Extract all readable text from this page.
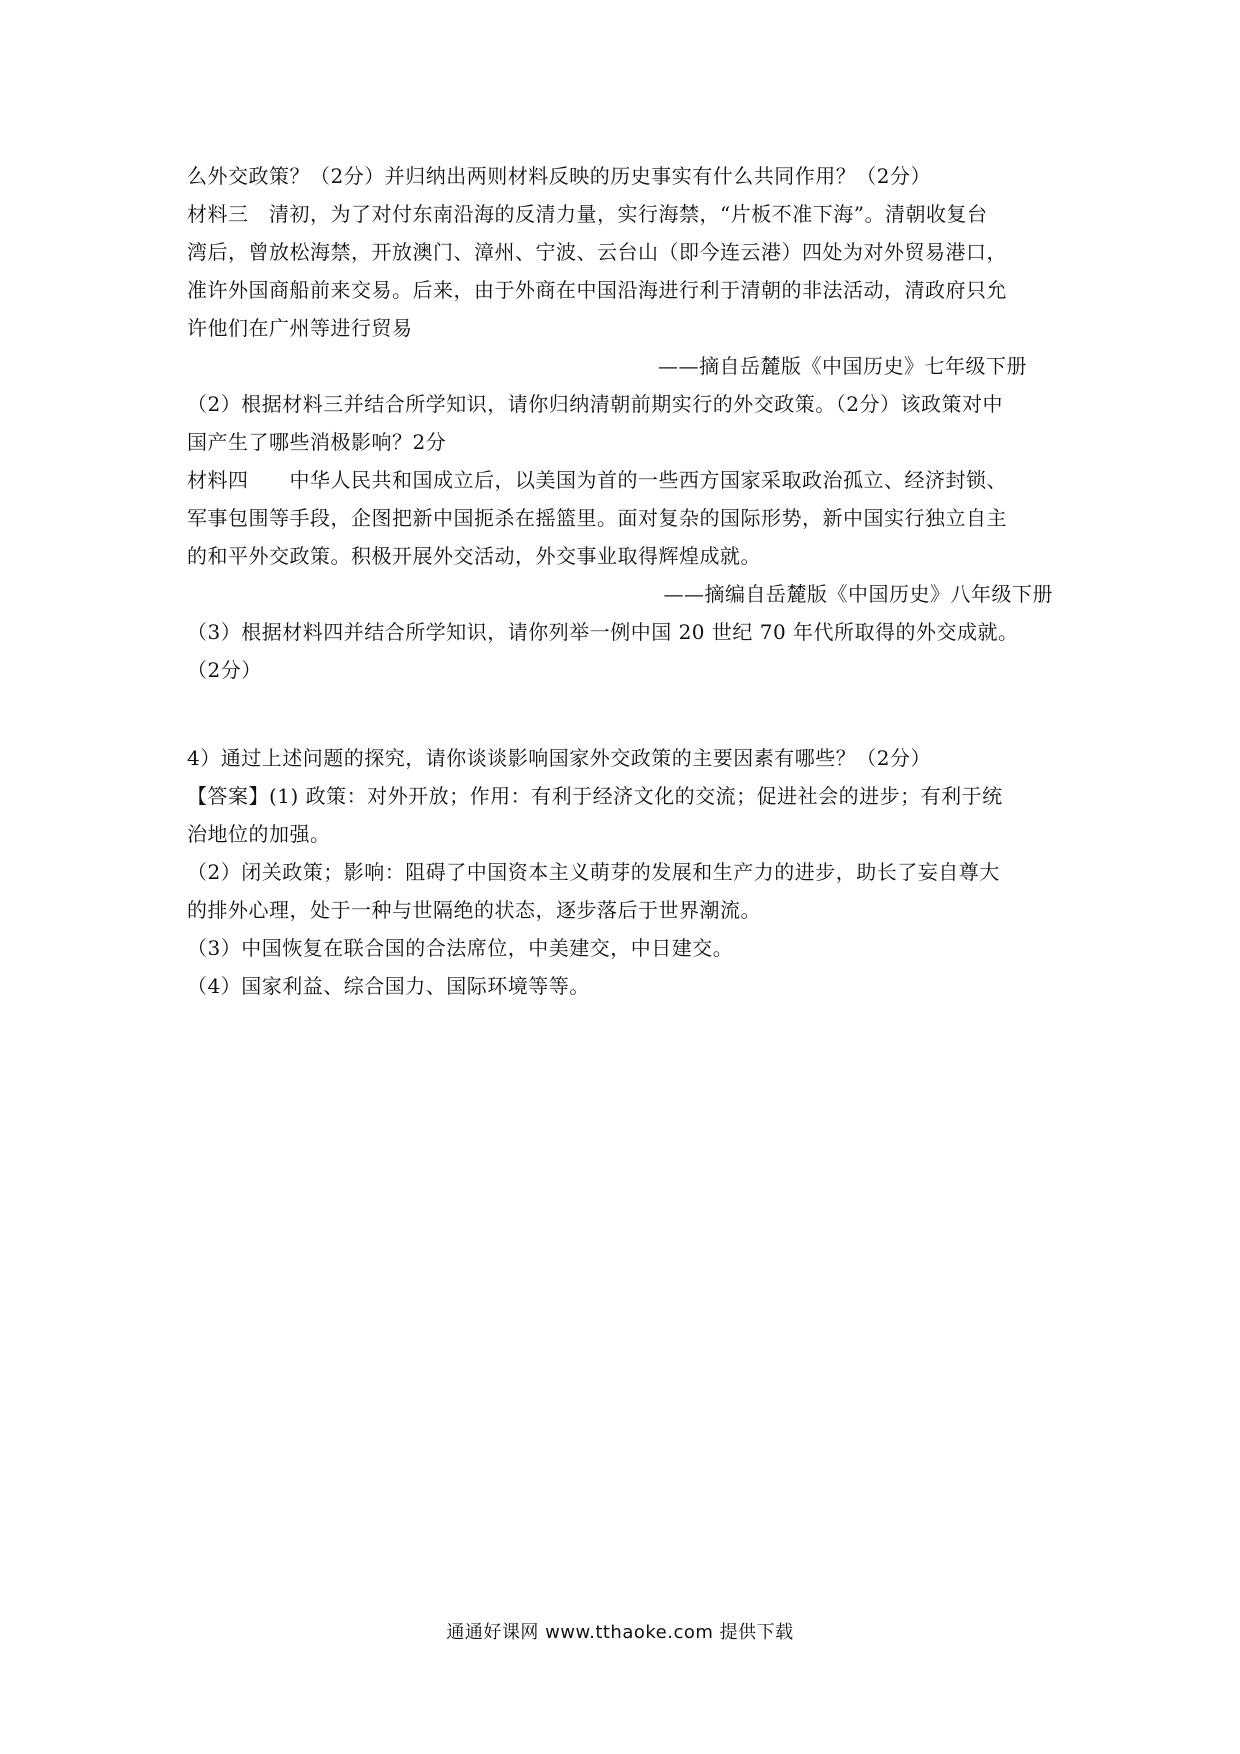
么外交政策？（2分）并归纳出两则材料反映的历史事实有什么共同作用？（2分）
材料三　清初，为了对付东南沿海的反清力量，实行海禁，“片板不准下海”。清朝收复台
湾后，曾放松海禁，开放澳门、漳州、宁波、云台山（即今连云港）四处为对外贸易港口，
准许外国商船前来交易。后来，由于外商在中国沿海进行利于清朝的非法活动，清政府只允
许他们在广州等进行贸易
——摘自岳麓版《中国历史》七年级下册
（2）根据材料三并结合所学知识，请你归纳清朝前期实行的外交政策。（2分）该政策对中
国产生了哪些消极影响？2分
材料四　　中华人民共和国成立后，以美国为首的一些西方国家采取政治孤立、经济封锁、
军事包围等手段，企图把新中国扼杀在摇篮里。面对复杂的国际形势，新中国实行独立自主
的和平外交政策。积极开展外交活动，外交事业取得辉煌成就。
——摘编自岳麓版《中国历史》八年级下册
（3）根据材料四并结合所学知识，请你列举一例中国 20 世纪 70 年代所取得的外交成就。
（2分）
4）通过上述问题的探究，请你谈谈影响国家外交政策的主要因素有哪些？（2分）
【答案】(1) 政策：对外开放；作用：有利于经济文化的交流；促进社会的进步；有利于统
治地位的加强。
（2）闭关政策；影响：阻碍了中国资本主义萌芽的发展和生产力的进步，助长了妄自尊大
的排外心理，处于一种与世隔绝的状态，逐步落后于世界潮流。
（3）中国恢复在联合国的合法席位，中美建交，中日建交。
（4）国家利益、综合国力、国际环境等等。
通通好课网 www.tthaoke.com 提供下载
